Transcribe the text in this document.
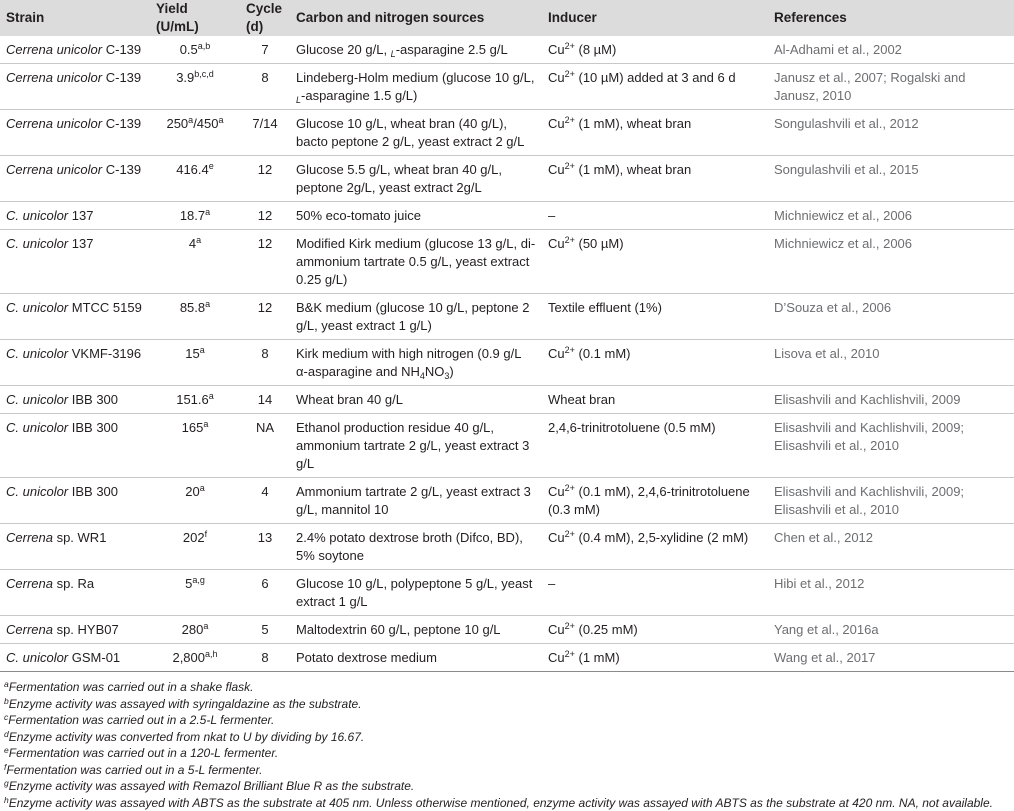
Strain	Yield (U/mL)	Cycle (d)	Carbon and nitrogen sources	Inducer	References
Cerrena unicolor C-139	0.5$^{a,b}$	7	Glucose 20 g/L, $_L$-asparagine 2.5 g/L	$Cu^{2+}$ (8 µM)	Al-Adhami et al., 2002
Cerrena unicolor C-139	3.9$^{b,c,d}$	8	Lindeberg-Holm medium (glucose 10 g/L, $_L$-asparagine 1.5 g/L)	$Cu^{2+}$ (10 µM) added at 3 and 6 d	Janusz et al., 2007; Rogalski and Janusz, 2010
Cerrena unicolor C-139	250$^a$/450$^a$	7/14	Glucose 10 g/L, wheat bran (40 g/L), bacto peptone 2 g/L, yeast extract 2 g/L	$Cu^{2+}$ (1 mM), wheat bran	Songulashvili et al., 2012
Cerrena unicolor C-139	416.4e	12	Glucose 5.5 g/L, wheat bran 40 g/L, peptone 2g/L, yeast extract 2g/L	$Cu^{2+}$ (1 mM), wheat bran	Songulashvili et al., 2015
C. unicolor 137	18.7$^a$	12	50% eco-tomato juice	–	Michniewicz et al., 2006
C. unicolor 137	4$^a$	12	Modified Kirk medium (glucose 13 g/L, di-ammonium tartrate 0.5 g/L, yeast extract 0.25 g/L)	$Cu^{2+}$ (50 µM)	Michniewicz et al., 2006
C. unicolor MTCC 5159	85.8$^a$	12	B&K medium (glucose 10 g/L, peptone 2 g/L, yeast extract 1 g/L)	Textile effluent (1%)	D’Souza et al., 2006
C. unicolor VKMF-3196	15$^a$	8	Kirk medium with high nitrogen (0.9 g/L α-asparagine and $NH_4NO_3$)	$Cu^{2+}$ (0.1 mM)	Lisova et al., 2010
C. unicolor IBB 300	151.6$^a$	14	Wheat bran 40 g/L	Wheat bran	Elisashvili and Kachlishvili, 2009
C. unicolor IBB 300	165$^a$	NA	Ethanol production residue 40 g/L, ammonium tartrate 2 g/L, yeast extract 3 g/L	2,4,6-trinitrotoluene (0.5 mM)	Elisashvili and Kachlishvili, 2009; Elisashvili et al., 2010
C. unicolor IBB 300	20$^a$	4	Ammonium tartrate 2 g/L, yeast extract 3 g/L, mannitol 10	$Cu^{2+}$ (0.1 mM), 2,4,6-trinitrotoluene (0.3 mM)	Elisashvili and Kachlishvili, 2009; Elisashvili et al., 2010
Cerrena sp. WR1	202$^f$	13	2.4% potato dextrose broth (Difco, BD), 5% soytone	$Cu^{2+}$ (0.4 mM), 2,5-xylidine (2 mM)	Chen et al., 2012
Cerrena sp. Ra	5$^{a,g}$	6	Glucose 10 g/L, polypeptone 5 g/L, yeast extract 1 g/L	–	Hibi et al., 2012
Cerrena sp. HYB07	280$^a$	5	Maltodextrin 60 g/L, peptone 10 g/L	$Cu^{2+}$ (0.25 mM)	Yang et al., 2016a
C. unicolor GSM-01	2,800$^{a,h}$	8	Potato dextrose medium	$Cu^{2+}$ (1 mM)	Wang et al., 2017
$^a$Fermentation was carried out in a shake flask.
$^b$Enzyme activity was assayed with syringaldazine as the substrate.
$^c$Fermentation was carried out in a 2.5-L fermenter.
$^d$Enzyme activity was converted from nkat to U by dividing by 16.67.
$^e$Fermentation was carried out in a 120-L fermenter.
$^f$Fermentation was carried out in a 5-L fermenter.
$^g$Enzyme activity was assayed with Remazol Brilliant Blue R as the substrate.
$^h$Enzyme activity was assayed with ABTS as the substrate at 405 nm. Unless otherwise mentioned, enzyme activity was assayed with ABTS as the substrate at 420 nm. NA, not available.
